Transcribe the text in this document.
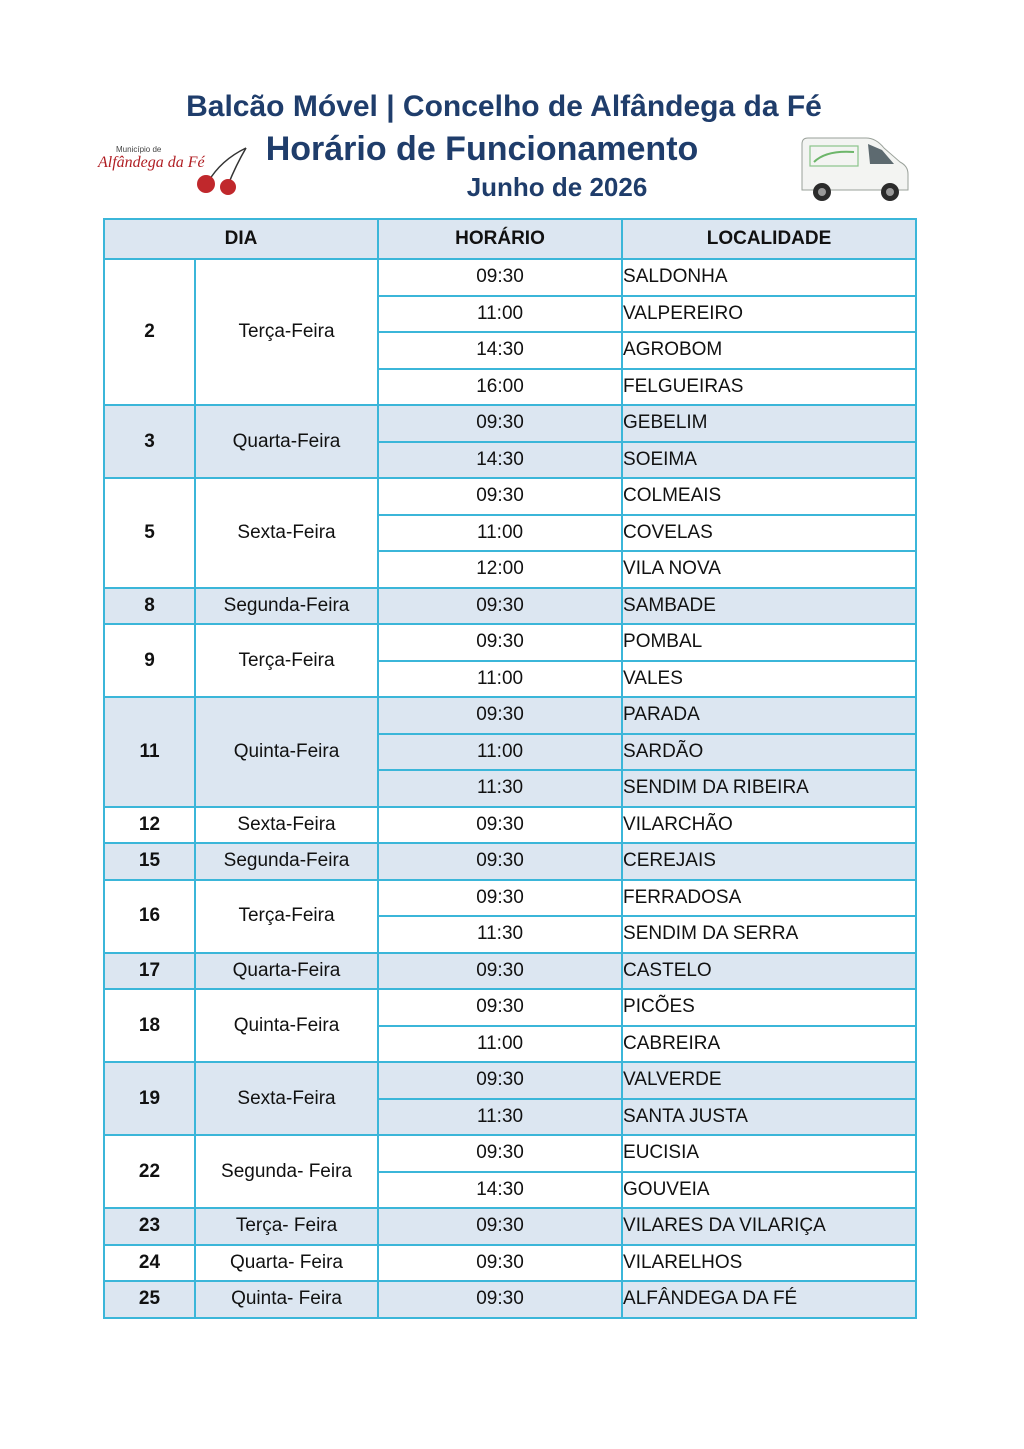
Balcão Móvel | Concelho de Alfândega da Fé
Horário de Funcionamento
Junho de 2026
Município de
Alfândega da Fé
DIA		HORÁRIO	LOCALIDADE
2	Terça-Feira	09:30	SALDONHA
		11:00	VALPEREIRO
		14:30	AGROBOM
		16:00	FELGUEIRAS
3	Quarta-Feira	09:30	GEBELIM
		14:30	SOEIMA
5	Sexta-Feira	09:30	COLMEAIS
		11:00	COVELAS
		12:00	VILA NOVA
8	Segunda-Feira	09:30	SAMBADE
9	Terça-Feira	09:30	POMBAL
		11:00	VALES
11	Quinta-Feira	09:30	PARADA
		11:00	SARDÃO
		11:30	SENDIM DA RIBEIRA
12	Sexta-Feira	09:30	VILARCHÃO
15	Segunda-Feira	09:30	CEREJAIS
16	Terça-Feira	09:30	FERRADOSA
		11:30	SENDIM DA SERRA
17	Quarta-Feira	09:30	CASTELO
18	Quinta-Feira	09:30	PICÕES
		11:00	CABREIRA
19	Sexta-Feira	09:30	VALVERDE
		11:30	SANTA JUSTA
22	Segunda- Feira	09:30	EUCISIA
		14:30	GOUVEIA
23	Terça- Feira	09:30	VILARES DA VILARIÇA
24	Quarta- Feira	09:30	VILARELHOS
25	Quinta- Feira	09:30	ALFÂNDEGA DA FÉ
